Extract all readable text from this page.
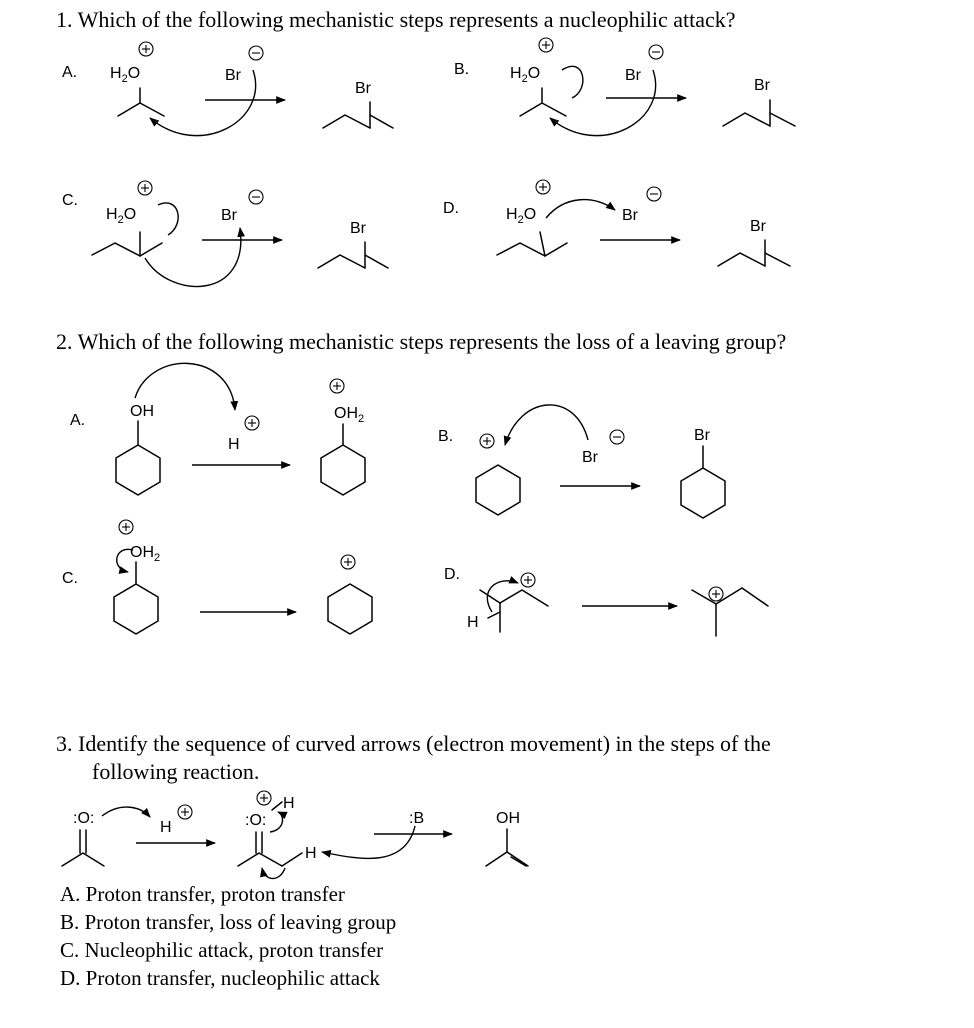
1. Which of the following mechanistic steps represents a nucleophilic attack?
2. Which of the following mechanistic steps represents the loss of a leaving group?
3. Identify the sequence of curved arrows (electron movement) in the steps of the
following reaction.
A. Proton transfer, proton transfer
B. Proton transfer, loss of leaving group
C. Nucleophilic attack, proton transfer
D. Proton transfer, nucleophilic attack
A. $H_2O$	Br
Br
B.	$H_2O$	Br
Br
C.
$H_2O$	Br
Br
D.	$H_2O$	Br
Br
A.
OH
H
$OH_2$
B.
Br
Br
C.
$OH_2$
D.
H
:O:
H
H
:O:
H
:B	OH
